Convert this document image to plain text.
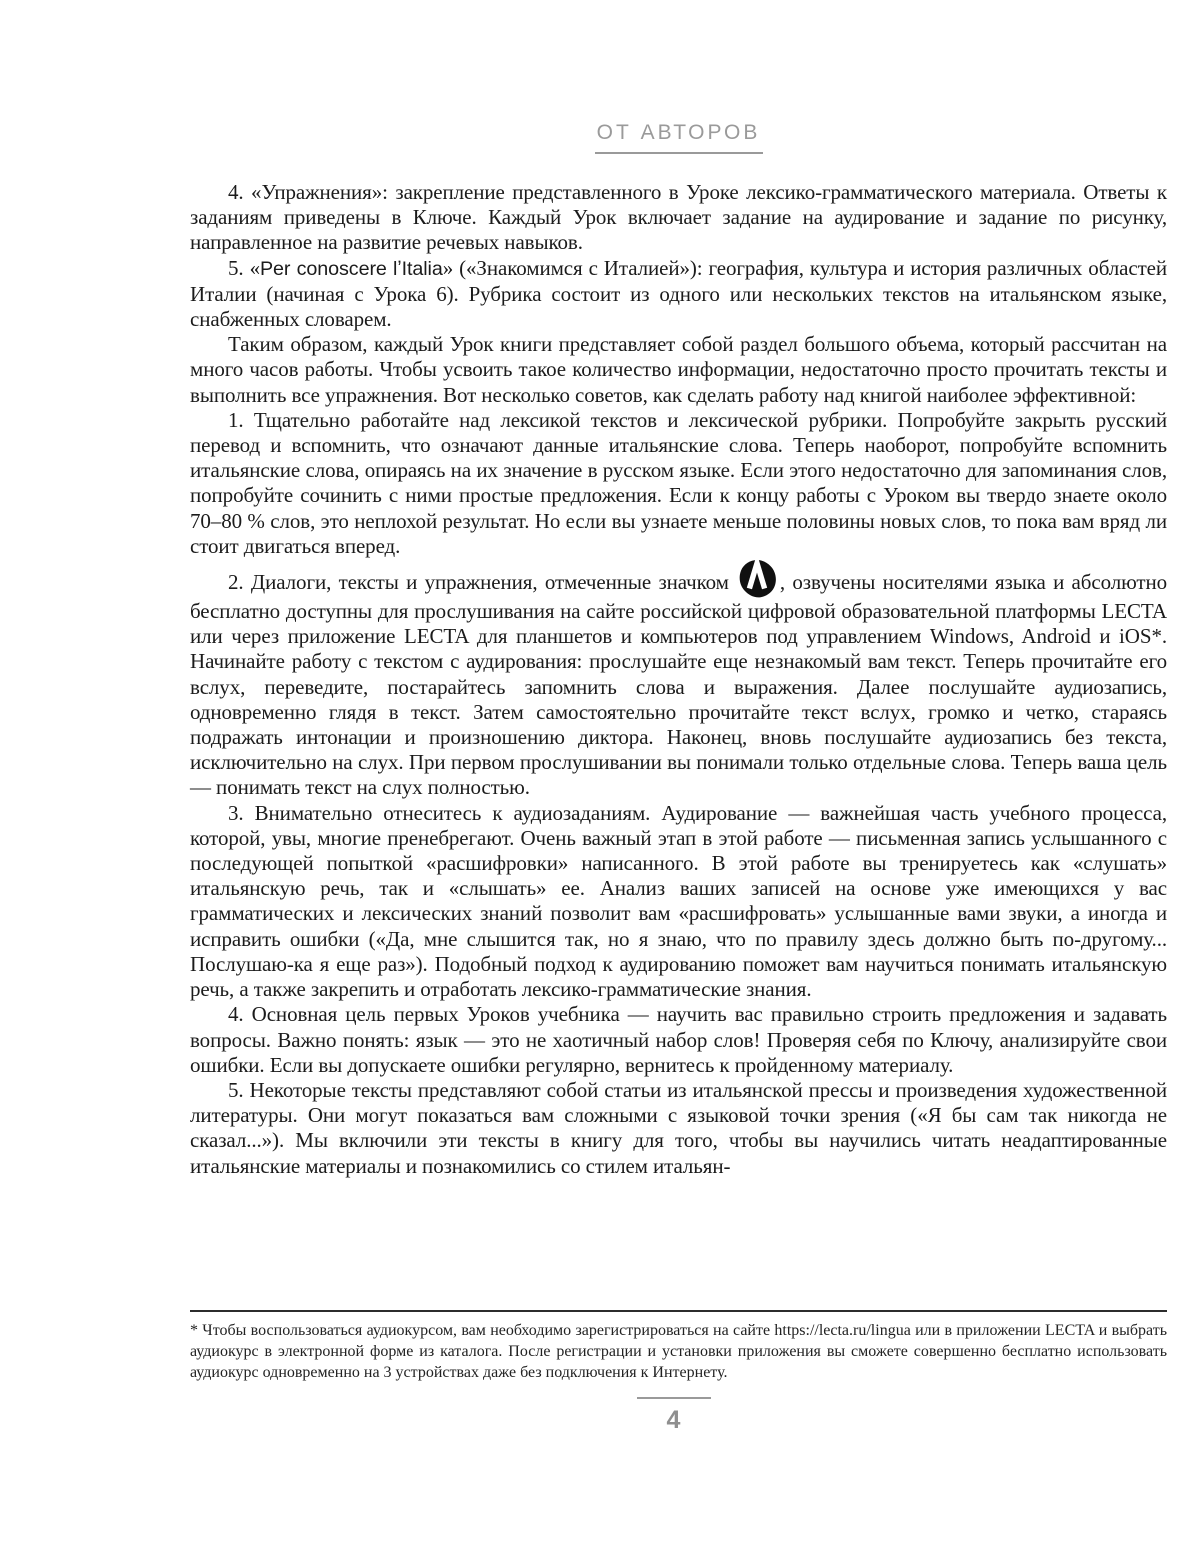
ОТ АВТОРОВ

4. «Упражнения»: закрепление представленного в Уроке лексико-грамматического материала. Ответы к заданиям приведены в Ключе. Каждый Урок включает задание на аудирование и задание по рисунку, направленное на развитие речевых навыков.

5. «Per conoscere lʼItalia» («Знакомимся с Италией»): география, культура и история различных областей Италии (начиная с Урока 6). Рубрика состоит из одного или нескольких текстов на итальянском языке, снабженных словарем.

Таким образом, каждый Урок книги представляет собой раздел большого объема, который рассчитан на много часов работы. Чтобы усвоить такое количество информации, недостаточно просто прочитать тексты и выполнить все упражнения. Вот несколько советов, как сделать работу над книгой наиболее эффективной:

1. Тщательно работайте над лексикой текстов и лексической рубрики. Попробуйте закрыть русский перевод и вспомнить, что означают данные итальянские слова. Теперь наоборот, попробуйте вспомнить итальянские слова, опираясь на их значение в русском языке. Если этого недостаточно для запоминания слов, попробуйте сочинить с ними простые предложения. Если к концу работы с Уроком вы твердо знаете около 70–80 % слов, это неплохой результат. Но если вы узнаете меньше половины новых слов, то пока вам вряд ли стоит двигаться вперед.

2. Диалоги, тексты и упражнения, отмеченные значком , озвучены носителями языка и абсолютно бесплатно доступны для прослушивания на сайте российской цифровой образовательной платформы LECTA или через приложение LECTA для планшетов и компьютеров под управлением Windows, Android и iOS*. Начинайте работу с текстом с аудирования: прослушайте еще незнакомый вам текст. Теперь прочитайте его вслух, переведите, постарайтесь запомнить слова и выражения. Далее послушайте аудиозапись, одновременно глядя в текст. Затем самостоятельно прочитайте текст вслух, громко и четко, стараясь подражать интонации и произношению диктора. Наконец, вновь послушайте аудиозапись без текста, исключительно на слух. При первом прослушивании вы понимали только отдельные слова. Теперь ваша цель — понимать текст на слух полностью.

3. Внимательно отнеситесь к аудиозаданиям. Аудирование — важнейшая часть учебного процесса, которой, увы, многие пренебрегают. Очень важный этап в этой работе — письменная запись услышанного с последующей попыткой «расшифровки» написанного. В этой работе вы тренируетесь как «слушать» итальянскую речь, так и «слышать» ее. Анализ ваших записей на основе уже имеющихся у вас грамматических и лексических знаний позволит вам «расшифровать» услышанные вами звуки, а иногда и исправить ошибки («Да, мне слышится так, но я знаю, что по правилу здесь должно быть по-другому... Послушаю-ка я еще раз»). Подобный подход к аудированию поможет вам научиться понимать итальянскую речь, а также закрепить и отработать лексико-грамматические знания.

4. Основная цель первых Уроков учебника — научить вас правильно строить предложения и задавать вопросы. Важно понять: язык — это не хаотичный набор слов! Проверяя себя по Ключу, анализируйте свои ошибки. Если вы допускаете ошибки регулярно, вернитесь к пройденному материалу.

5. Некоторые тексты представляют собой статьи из итальянской прессы и произведения художественной литературы. Они могут показаться вам сложными с языковой точки зрения («Я бы сам так никогда не сказал...»). Мы включили эти тексты в книгу для того, чтобы вы научились читать неадаптированные итальянские материалы и познакомились со стилем итальян-

* Чтобы воспользоваться аудиокурсом, вам необходимо зарегистрироваться на сайте https://lecta.ru/lingua или в приложении LECTA и выбрать аудиокурс в электронной форме из каталога. После регистрации и установки приложения вы сможете совершенно бесплатно использовать аудиокурс одновременно на 3 устройствах даже без подключения к Интернету.

4
